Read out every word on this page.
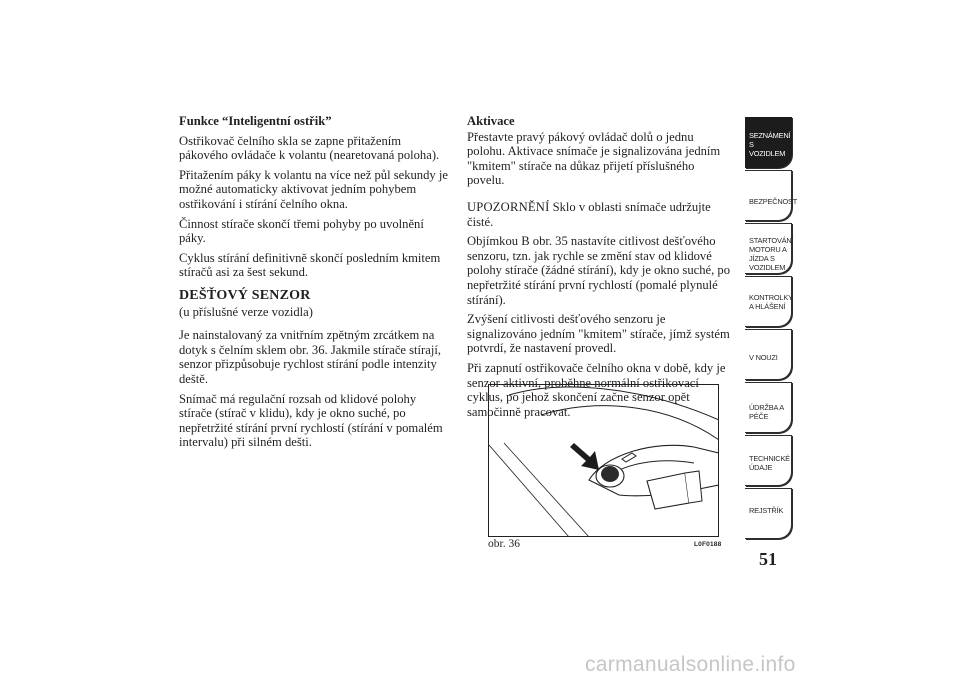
Funkce “Inteligentní ostřik”

Ostřikovač čelního skla se zapne přitažením pákového ovládače k volantu (nearetovaná poloha).

Přitažením páky k volantu na více než půl sekundy je možné automaticky aktivovat jedním pohybem ostřikování i stírání čelního okna.

Činnost stírače skončí třemi pohyby po uvolnění páky.

Cyklus stírání definitivně skončí posledním kmitem stíračů asi za šest sekund.

DEŠŤOVÝ SENZOR

(u příslušné verze vozidla)

Je nainstalovaný za vnitřním zpětným zrcátkem na dotyk s čelním sklem obr. 36. Jakmile stírače stírají, senzor přizpůsobuje rychlost stírání podle intenzity deště.

Snímač má regulační rozsah od klidové polohy stírače (stírač v klidu), kdy je okno suché, po nepřetržité stírání první rychlostí (stírání v pomalém intervalu) při silném dešti.

Aktivace

Přestavte pravý pákový ovládač dolů o jednu polohu. Aktivace snímače je signalizována jedním "kmitem" stírače na důkaz přijetí příslušného povelu.

UPOZORNĚNÍ Sklo v oblasti snímače udržujte čisté.

Objímkou B obr. 35 nastavíte citlivost dešťového senzoru, tzn. jak rychle se změní stav od klidové polohy stírače (žádné stírání), kdy je okno suché, po nepřetržité stírání první rychlostí (pomalé plynulé stírání).

Zvýšení citlivosti dešťového senzoru je signalizováno jedním "kmitem" stírače, jímž systém potvrdí, že nastavení provedl.

Při zapnutí ostřikovače čelního okna v době, kdy je senzor aktivní, proběhne normální ostřikovací cyklus, po jehož skončení začne senzor opět samočinně pracovat.

obr. 36	L0F0188
SEZNÁMENÍ S VOZIDLEM
BEZPEČNOST
STARTOVÁNÍ MOTORU A JÍZDA S VOZIDLEM
KONTROLKY A HLÁŠENÍ
V NOUZI
ÚDRŽBA A PÉČE
TECHNICKÉ ÚDAJE
REJSTŘÍK
51
carmanualsonline.info
